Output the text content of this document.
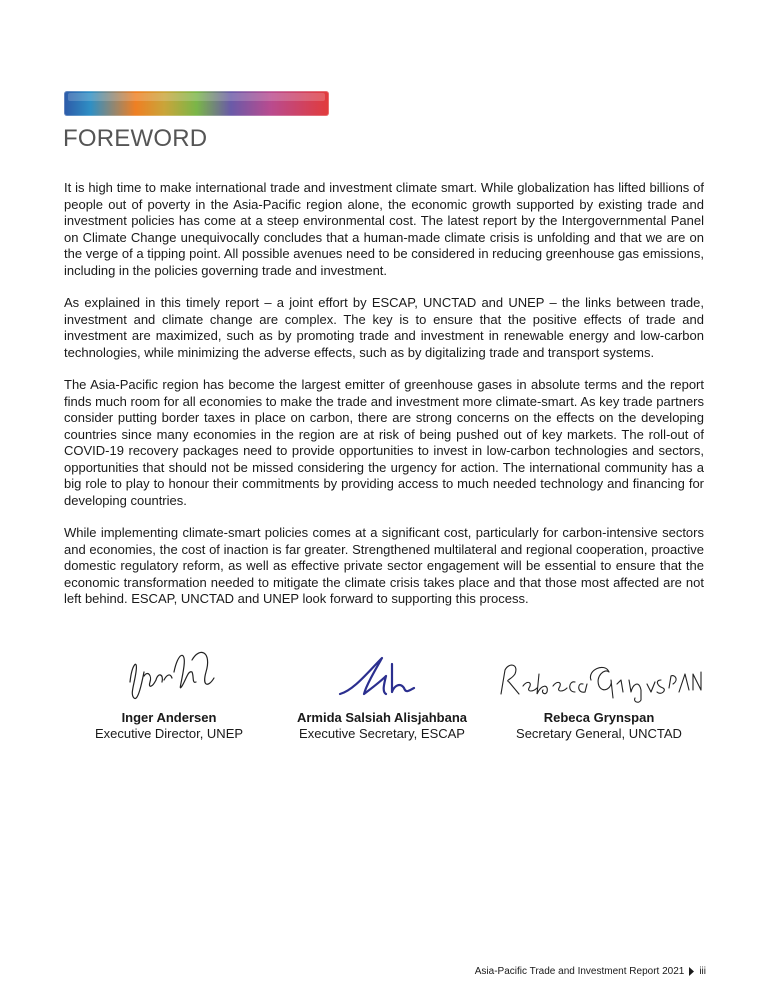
FOREWORD

It is high time to make international trade and investment climate smart. While globalization has lifted billions of people out of poverty in the Asia-Pacific region alone, the economic growth supported by existing trade and investment policies has come at a steep environmental cost. The latest report by the Intergovernmental Panel on Climate Change unequivocally concludes that a human-made climate crisis is unfolding and that we are on the verge of a tipping point. All possible avenues need to be considered in reducing greenhouse gas emissions, including in the policies governing trade and investment.

As explained in this timely report – a joint effort by ESCAP, UNCTAD and UNEP – the links between trade, investment and climate change are complex. The key is to ensure that the positive effects of trade and investment are maximized, such as by promoting trade and investment in renewable energy and low-carbon technologies, while minimizing the adverse effects, such as by digitalizing trade and transport systems.

The Asia-Pacific region has become the largest emitter of greenhouse gases in absolute terms and the report finds much room for all economies to make the trade and investment more climate-smart. As key trade partners consider putting border taxes in place on carbon, there are strong concerns on the effects on the developing countries since many economies in the region are at risk of being pushed out of key markets. The roll-out of COVID-19 recovery packages need to provide opportunities to invest in low-carbon technologies and sectors, opportunities that should not be missed considering the urgency for action. The international community has a big role to play to honour their commitments by providing access to much needed technology and financing for developing countries.

While implementing climate-smart policies comes at a significant cost, particularly for carbon-intensive sectors and economies, the cost of inaction is far greater. Strengthened multilateral and regional cooperation, proactive domestic regulatory reform, as well as effective private sector engagement will be essential to ensure that the economic transformation needed to mitigate the climate crisis takes place and that those most affected are not left behind. ESCAP, UNCTAD and UNEP look forward to supporting this process.

Inger Andersen
Executive Director, UNEP
Armida Salsiah Alisjahbana
Executive Secretary, ESCAP
Rebeca Grynspan
Secretary General, UNCTAD
Asia-Pacific Trade and Investment Report 2021 iii
